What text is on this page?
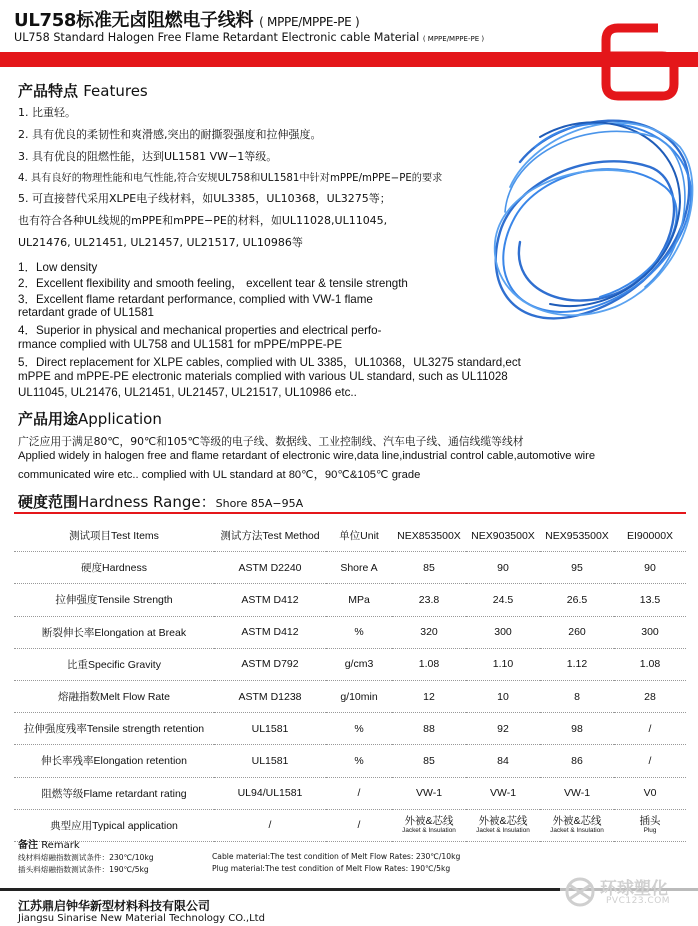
UL758标准无卤阻燃电子线料 ( MPPE/MPPE-PE )
UL758 Standard Halogen Free Flame Retardant Electronic cable Material ( MPPE/MPPE-PE )
6
产品特点 Features
1. 比重轻。
2. 具有优良的柔韧性和爽滑感,突出的耐撕裂强度和拉伸强度。
3. 具有优良的阻燃性能，达到UL1581 VW−1等级。
4. 具有良好的物理性能和电气性能,符合安规UL758和UL1581中针对mPPE/mPPE−PE的要求
5. 可直接替代采用XLPE电子线材料，如UL3385，UL10368，UL3275等；
也有符合各种UL线规的mPPE和mPPE−PE的材料，如UL11028,UL11045,
UL21476, UL21451, UL21457, UL21517, UL10986等
1．Low density
2．Excellent flexibility and smooth feeling， excellent tear & tensile strength
3．Excellent flame retardant performance, complied with VW-1 flame
retardant grade of UL1581
4．Superior in physical and mechanical properties and electrical perfo-
rmance complied with UL758 and UL1581 for mPPE/mPPE-PE
5．Direct replacement for XLPE cables, complied with UL 3385，UL10368，UL3275 standard,ect
mPPE and mPPE-PE electronic materials complied with various UL standard, such as UL11028
UL11045, UL21476, UL21451, UL21457, UL21517, UL10986 etc..
产品用途Application
广泛应用于满足80℃，90℃和105℃等级的电子线、数据线、工业控制线、汽车电子线、通信线缆等线材
Applied widely in halogen free and flame retardant of electronic wire,data line,industrial control cable,automotive wire
communicated wire etc.. complied with UL standard at 80℃，90℃&105℃ grade
硬度范围Hardness Range：Shore 85A−95A
测试项目Test Items	测试方法Test Method	单位Unit	NEX853500X	NEX903500X	NEX953500X	EI90000X
硬度Hardness	ASTM D2240	Shore A	85	90	95	90
拉伸强度Tensile Strength	ASTM D412	MPa	23.8	24.5	26.5	13.5
断裂伸长率Elongation at Break	ASTM D412	%	320	300	260	300
比重Specific Gravity	ASTM D792	g/cm3	1.08	1.10	1.12	1.08
熔融指数Melt Flow Rate	ASTM D1238	g/10min	12	10	8	28
拉伸强度残率Tensile strength retention	UL1581	%	88	92	98	/
伸长率残率Elongation retention	UL1581	%	85	84	86	/
阻燃等级Flame retardant rating	UL94/UL1581	/	VW-1	VW-1	VW-1	V0
典型应用Typical application	/	/	外被&芯线
Jacket & Insulation	外被&芯线
Jacket & Insulation	外被&芯线
Jacket & Insulation	插头
Plug
备注 Remark
线材料熔融指数测试条件：230℃/10kg
插头料熔融指数测试条件：190℃/5kg
Cable material:The test condition of Melt Flow Rates: 230℃/10kg
Plug material:The test condition of Melt Flow Rates: 190℃/5kg
江苏鼎启钟华新型材料科技有限公司
Jiangsu Sinarise New Material Technology CO.,Ltd
环球塑化
PVC123.COM
